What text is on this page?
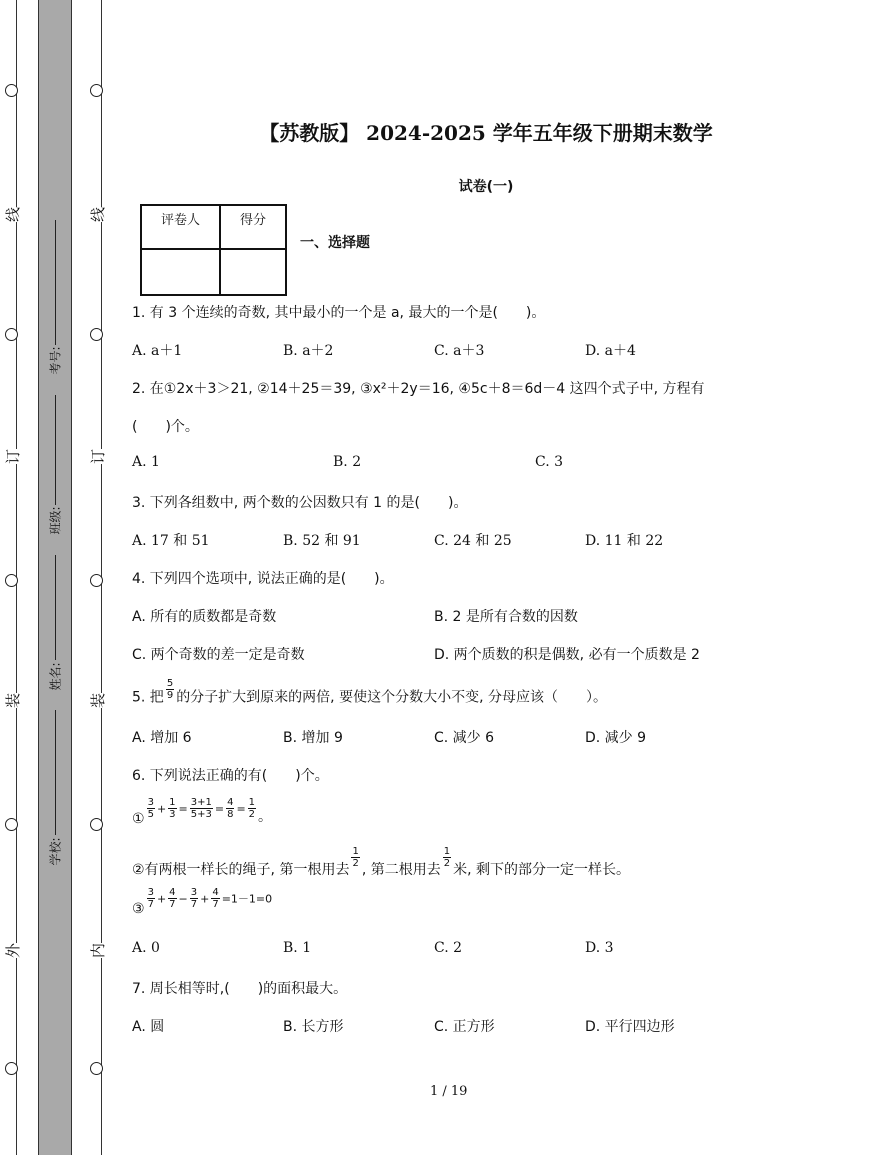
线
订
装
外
线
订
装
内
考号:
班级:
姓名:
学校:
【苏教版】 2024-2025 学年五年级下册期末数学
试卷(一)
评卷人	得分

一、选择题
1. 有 3 个连续的奇数, 其中最小的一个是 a, 最大的一个是(　　)。
A. a＋1	B. a＋2	C. a＋3	D. a＋4
2. 在①2x＋3＞21, ②14＋25＝39, ③x²＋2y＝16, ④5c＋8＝6d－4 这四个式子中, 方程有
(　　)个。
A. 1	B. 2	C. 3
3. 下列各组数中, 两个数的公因数只有 1 的是(　　)。
A. 17 和 51	B. 52 和 91	C. 24 和 25	D. 11 和 22
4. 下列四个选项中, 说法正确的是(　　)。
A. 所有的质数都是奇数	B. 2 是所有合数的因数
C. 两个奇数的差一定是奇数	D. 两个质数的积是偶数, 必有一个质数是 2
5. 把 $\frac{5}{9}$ 的分子扩大到原来的两倍, 要使这个分数大小不变, 分母应该（　　）。
A. 增加 6	B. 增加 9	C. 减少 6	D. 减少 9
6. 下列说法正确的有(　　)个。
① $\frac{3}{5} + \frac{1}{3} = \frac{3+1}{5+3} = \frac{4}{8} = \frac{1}{2}$ 。
②有两根一样长的绳子, 第一根用去
$\frac{1}{2}$
, 第二根用去
$\frac{1}{2}$
米, 剩下的部分一定一样长。
③ $\frac{3}{7} + \frac{4}{7} - \frac{3}{7} + \frac{4}{7} =1-1=0$
A. 0	B. 1	C. 2	D. 3
7. 周长相等时,(　　)的面积最大。
A. 圆	B. 长方形	C. 正方形	D. 平行四边形
1 / 19
